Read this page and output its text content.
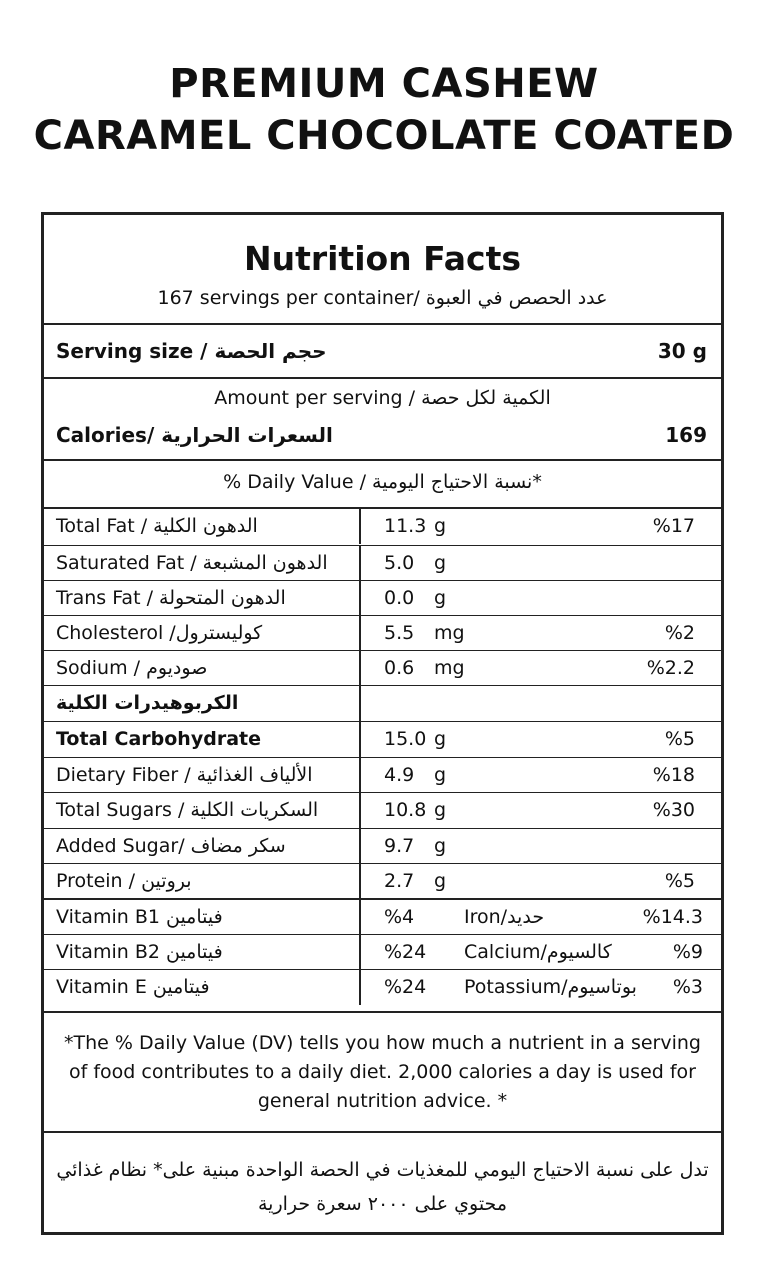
PREMIUM CASHEW
CARAMEL CHOCOLATE COATED
Nutrition Facts
167 servings per container/ عدد الحصص في العبوة
Serving size / حجم الحصة	30 g
Amount per serving / الكمية لكل حصة
Calories/ السعرات الحرارية	169
% Daily Value / نسبة الاحتياج اليومية*
Total Fat / الدهون الكلية	11.3 g	%17
Saturated Fat / الدهون المشبعة	5.0 g
Trans Fat / الدهون المتحولة	0.0 g
Cholesterol /كوليسترول	5.5 mg	%2
Sodium / صوديوم	0.6 mg	%2.2
الكربوهيدرات الكلية
Total Carbohydrate	15.0 g	%5
Dietary Fiber / الألياف الغذائية	4.9 g	%18
Total Sugars / السكريات الكلية	10.8 g	%30
Added Sugar/ سكر مضاف	9.7 g
Protein / بروتين	2.7 g	%5
Vitamin B1 فيتامين	%4	Iron/حديد	%14.3
Vitamin B2 فيتامين	%24 Calcium/كالسيوم	%9
Vitamin E فيتامين	%24 Potassium/بوتاسيوم %3
*The % Daily Value (DV) tells you how much a nutrient in a serving of food contributes to a daily diet. 2,000 calories a day is used for general nutrition advice. *
تدل على نسبة الاحتياج اليومي للمغذيات في الحصة الواحدة مبنية على* نظام غذائي محتوي على ٢٠٠٠ سعرة حرارية
